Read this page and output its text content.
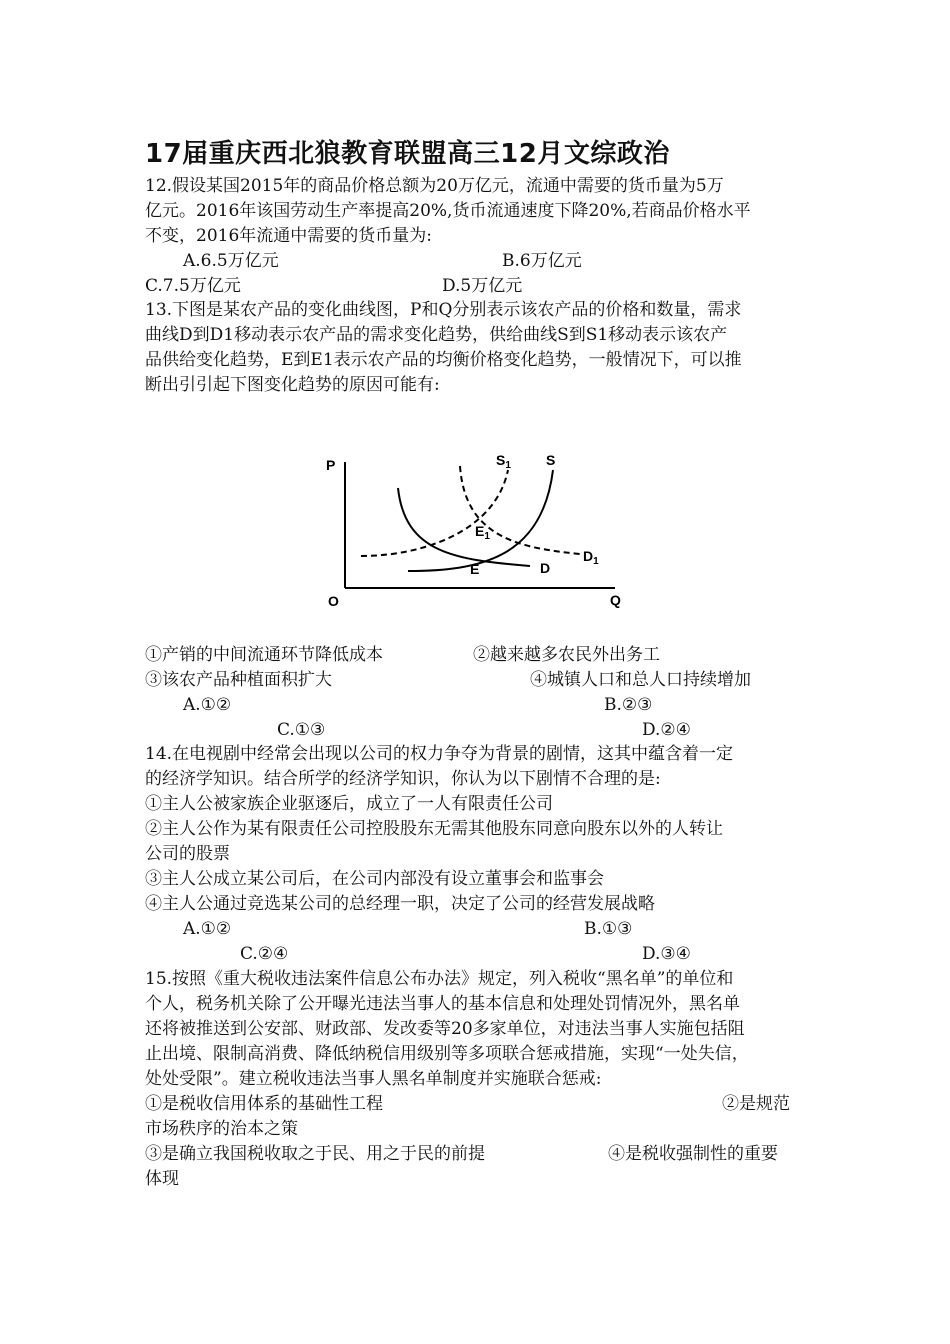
17届重庆西北狼教育联盟高三12月文综政治
12.假设某国2015年的商品价格总额为20万亿元，流通中需要的货币量为5万
亿元。2016年该国劳动生产率提高20%,货币流通速度下降20%,若商品价格水平
不变，2016年流通中需要的货币量为:
A.6.5万亿元	B.6万亿元
C.7.5万亿元	D.5万亿元
13.下图是某农产品的变化曲线图，P和Q分别表示该农产品的价格和数量，需求
曲线D到D1移动表示农产品的需求变化趋势，供给曲线S到S1移动表示该农产
品供给变化趋势，E到E1表示农产品的均衡价格变化趋势，一般情况下，可以推
断出引引起下图变化趋势的原因可能有:
P
Q
O
S
$S_1$
D
$D_1$
E
$E_1$
①产销的中间流通环节降低成本	②越来越多农民外出务工
③该农产品种植面积扩大	④城镇人口和总人口持续增加
A.①②	B.②③
C.①③	D.②④
14.在电视剧中经常会出现以公司的权力争夺为背景的剧情，这其中蕴含着一定
的经济学知识。结合所学的经济学知识，你认为以下剧情不合理的是:
①主人公被家族企业驱逐后，成立了一人有限责任公司
②主人公作为某有限责任公司控股股东无需其他股东同意向股东以外的人转让
公司的股票
③主人公成立某公司后，在公司内部没有设立董事会和监事会
④主人公通过竞选某公司的总经理一职，决定了公司的经营发展战略
A.①②	B.①③
C.②④	D.③④
15.按照《重大税收违法案件信息公布办法》规定，列入税收“黑名单”的单位和
个人，税务机关除了公开曝光违法当事人的基本信息和处理处罚情况外，黑名单
还将被推送到公安部、财政部、发改委等20多家单位，对违法当事人实施包括阻
止出境、限制高消费、降低纳税信用级别等多项联合惩戒措施，实现“一处失信，
处处受限”。建立税收违法当事人黑名单制度并实施联合惩戒:
①是税收信用体系的基础性工程	②是规范
市场秩序的治本之策
③是确立我国税收取之于民、用之于民的前提	④是税收强制性的重要
体现
